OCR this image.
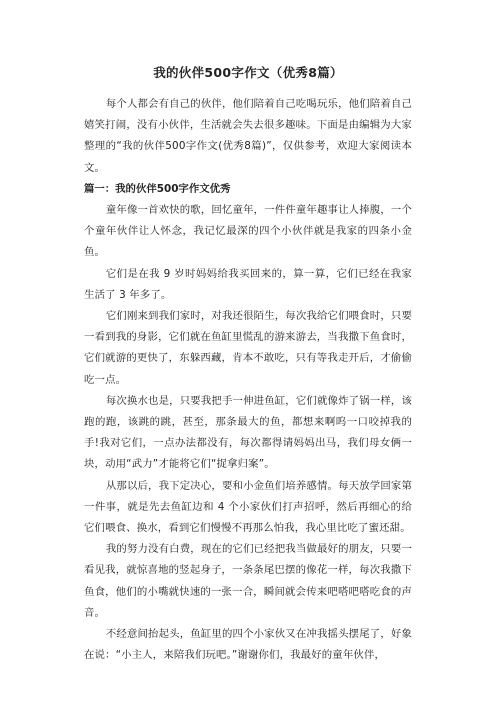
我的伙伴500字作文（优秀8篇）

每个人都会有自己的伙伴，他们陪着自己吃喝玩乐，他们陪着自己嬉笑打闹，没有小伙伴，生活就会失去很多趣味。下面是由编辑为大家整理的“我的伙伴500字作文(优秀8篇)”，仅供参考，欢迎大家阅读本文。

篇一：我的伙伴500字作文优秀

童年像一首欢快的歌，回忆童年，一件件童年趣事让人捧腹，一个个童年伙伴让人怀念，我记忆最深的四个小伙伴就是我家的四条小金鱼。

它们是在我 9 岁时妈妈给我买回来的，算一算，它们已经在我家生活了 3 年多了。

它们刚来到我们家时，对我还很陌生，每次我给它们喂食时，只要一看到我的身影，它们就在鱼缸里慌乱的游来游去，当我撒下鱼食时，它们就游的更快了，东躲西藏，肯本不敢吃，只有等我走开后，才偷偷吃一点。

每次换水也是，只要我把手一伸进鱼缸，它们就像炸了锅一样，该跑的跑，该跳的跳，甚至，那条最大的鱼，都想来啊呜一口咬掉我的手!我对它们，一点办法都没有，每次都得请妈妈出马，我们母女俩一块，动用“武力”才能将它们“捉拿归案”。

从那以后，我下定决心，要和小金鱼们培养感情。每天放学回家第一件事，就是先去鱼缸边和 4 个小家伙们打声招呼，然后再细心的给它们喂食、换水，看到它们慢慢不再那么怕我，我心里比吃了蜜还甜。

我的努力没有白费，现在的它们已经把我当做最好的朋友，只要一看见我，就惊喜地的竖起身子，一条条尾巴摆的像花一样，每次我撒下鱼食，他们的小嘴就快速的一张一合，瞬间就会传来吧嗒吧嗒吃食的声音。

不经意间抬起头，鱼缸里的四个小家伙又在冲我摇头摆尾了，好象在说：“小主人，来陪我们玩吧。”谢谢你们，我最好的童年伙伴，
